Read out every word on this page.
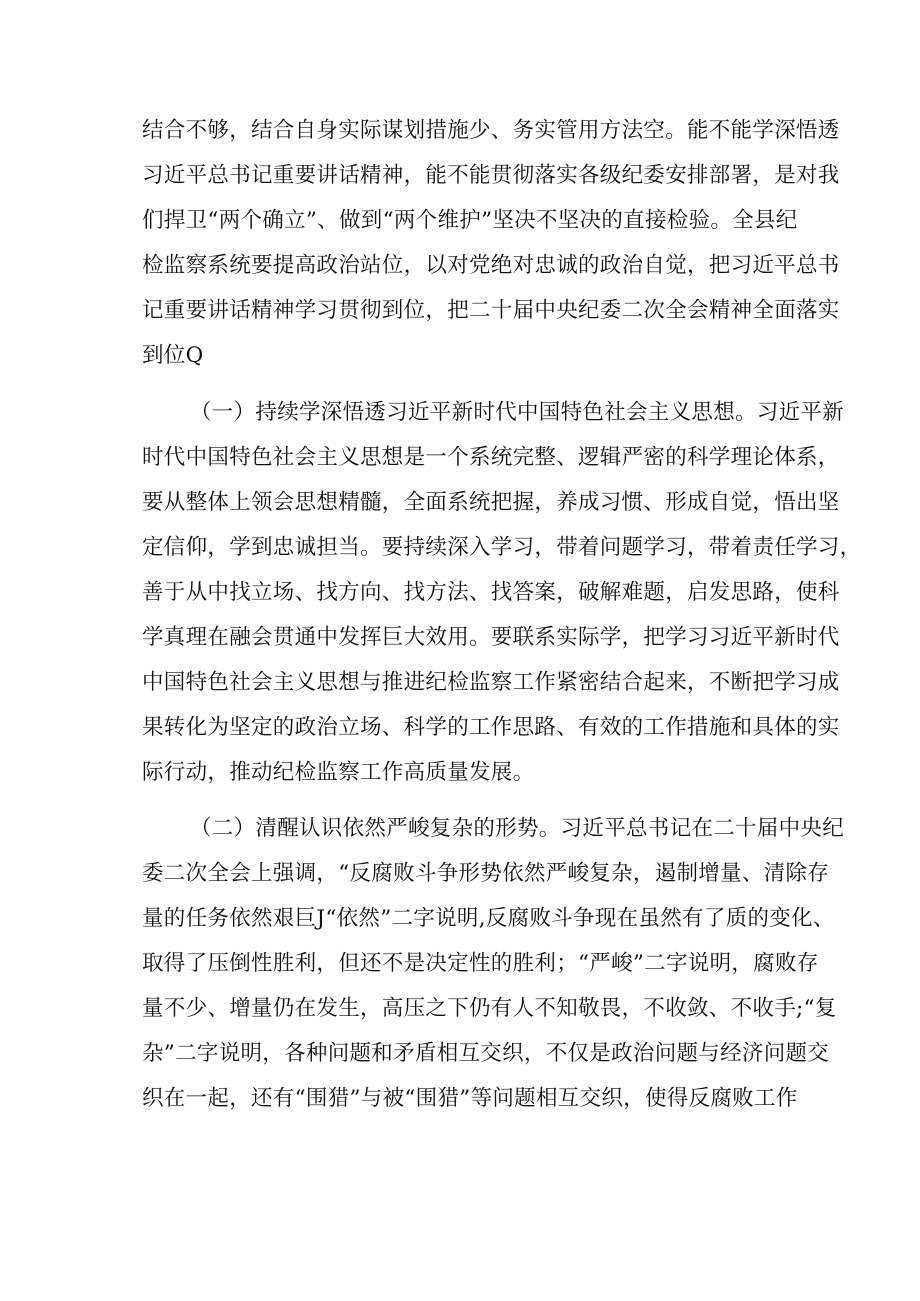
结合不够，结合自身实际谋划措施少、务实管用方法空。能不能学深悟透
习近平总书记重要讲话精神，能不能贯彻落实各级纪委安排部署，是对我
们捍卫“两个确立”、做到“两个维护”坚决不坚决的直接检验。全县纪
检监察系统要提高政治站位，以对党绝对忠诚的政治自觉，把习近平总书
记重要讲话精神学习贯彻到位，把二十届中央纪委二次全会精神全面落实
到位Q
（一）持续学深悟透习近平新时代中国特色社会主义思想。习近平新
时代中国特色社会主义思想是一个系统完整、逻辑严密的科学理论体系，
要从整体上领会思想精髓，全面系统把握，养成习惯、形成自觉，悟出坚
定信仰，学到忠诚担当。要持续深入学习，带着问题学习，带着责任学习，
善于从中找立场、找方向、找方法、找答案，破解难题，启发思路，使科
学真理在融会贯通中发挥巨大效用。要联系实际学，把学习习近平新时代
中国特色社会主义思想与推进纪检监察工作紧密结合起来，不断把学习成
果转化为坚定的政治立场、科学的工作思路、有效的工作措施和具体的实
际行动，推动纪检监察工作高质量发展。
（二）清醒认识依然严峻复杂的形势。习近平总书记在二十届中央纪
委二次全会上强调，“反腐败斗争形势依然严峻复杂，遏制增量、清除存
量的任务依然艰巨J“依然”二字说明,反腐败斗争现在虽然有了质的变化、
取得了压倒性胜利，但还不是决定性的胜利；“严峻”二字说明，腐败存
量不少、增量仍在发生，高压之下仍有人不知敬畏，不收敛、不收手;“复
杂”二字说明，各种问题和矛盾相互交织，不仅是政治问题与经济问题交
织在一起，还有“围猎”与被“围猎”等问题相互交织，使得反腐败工作
